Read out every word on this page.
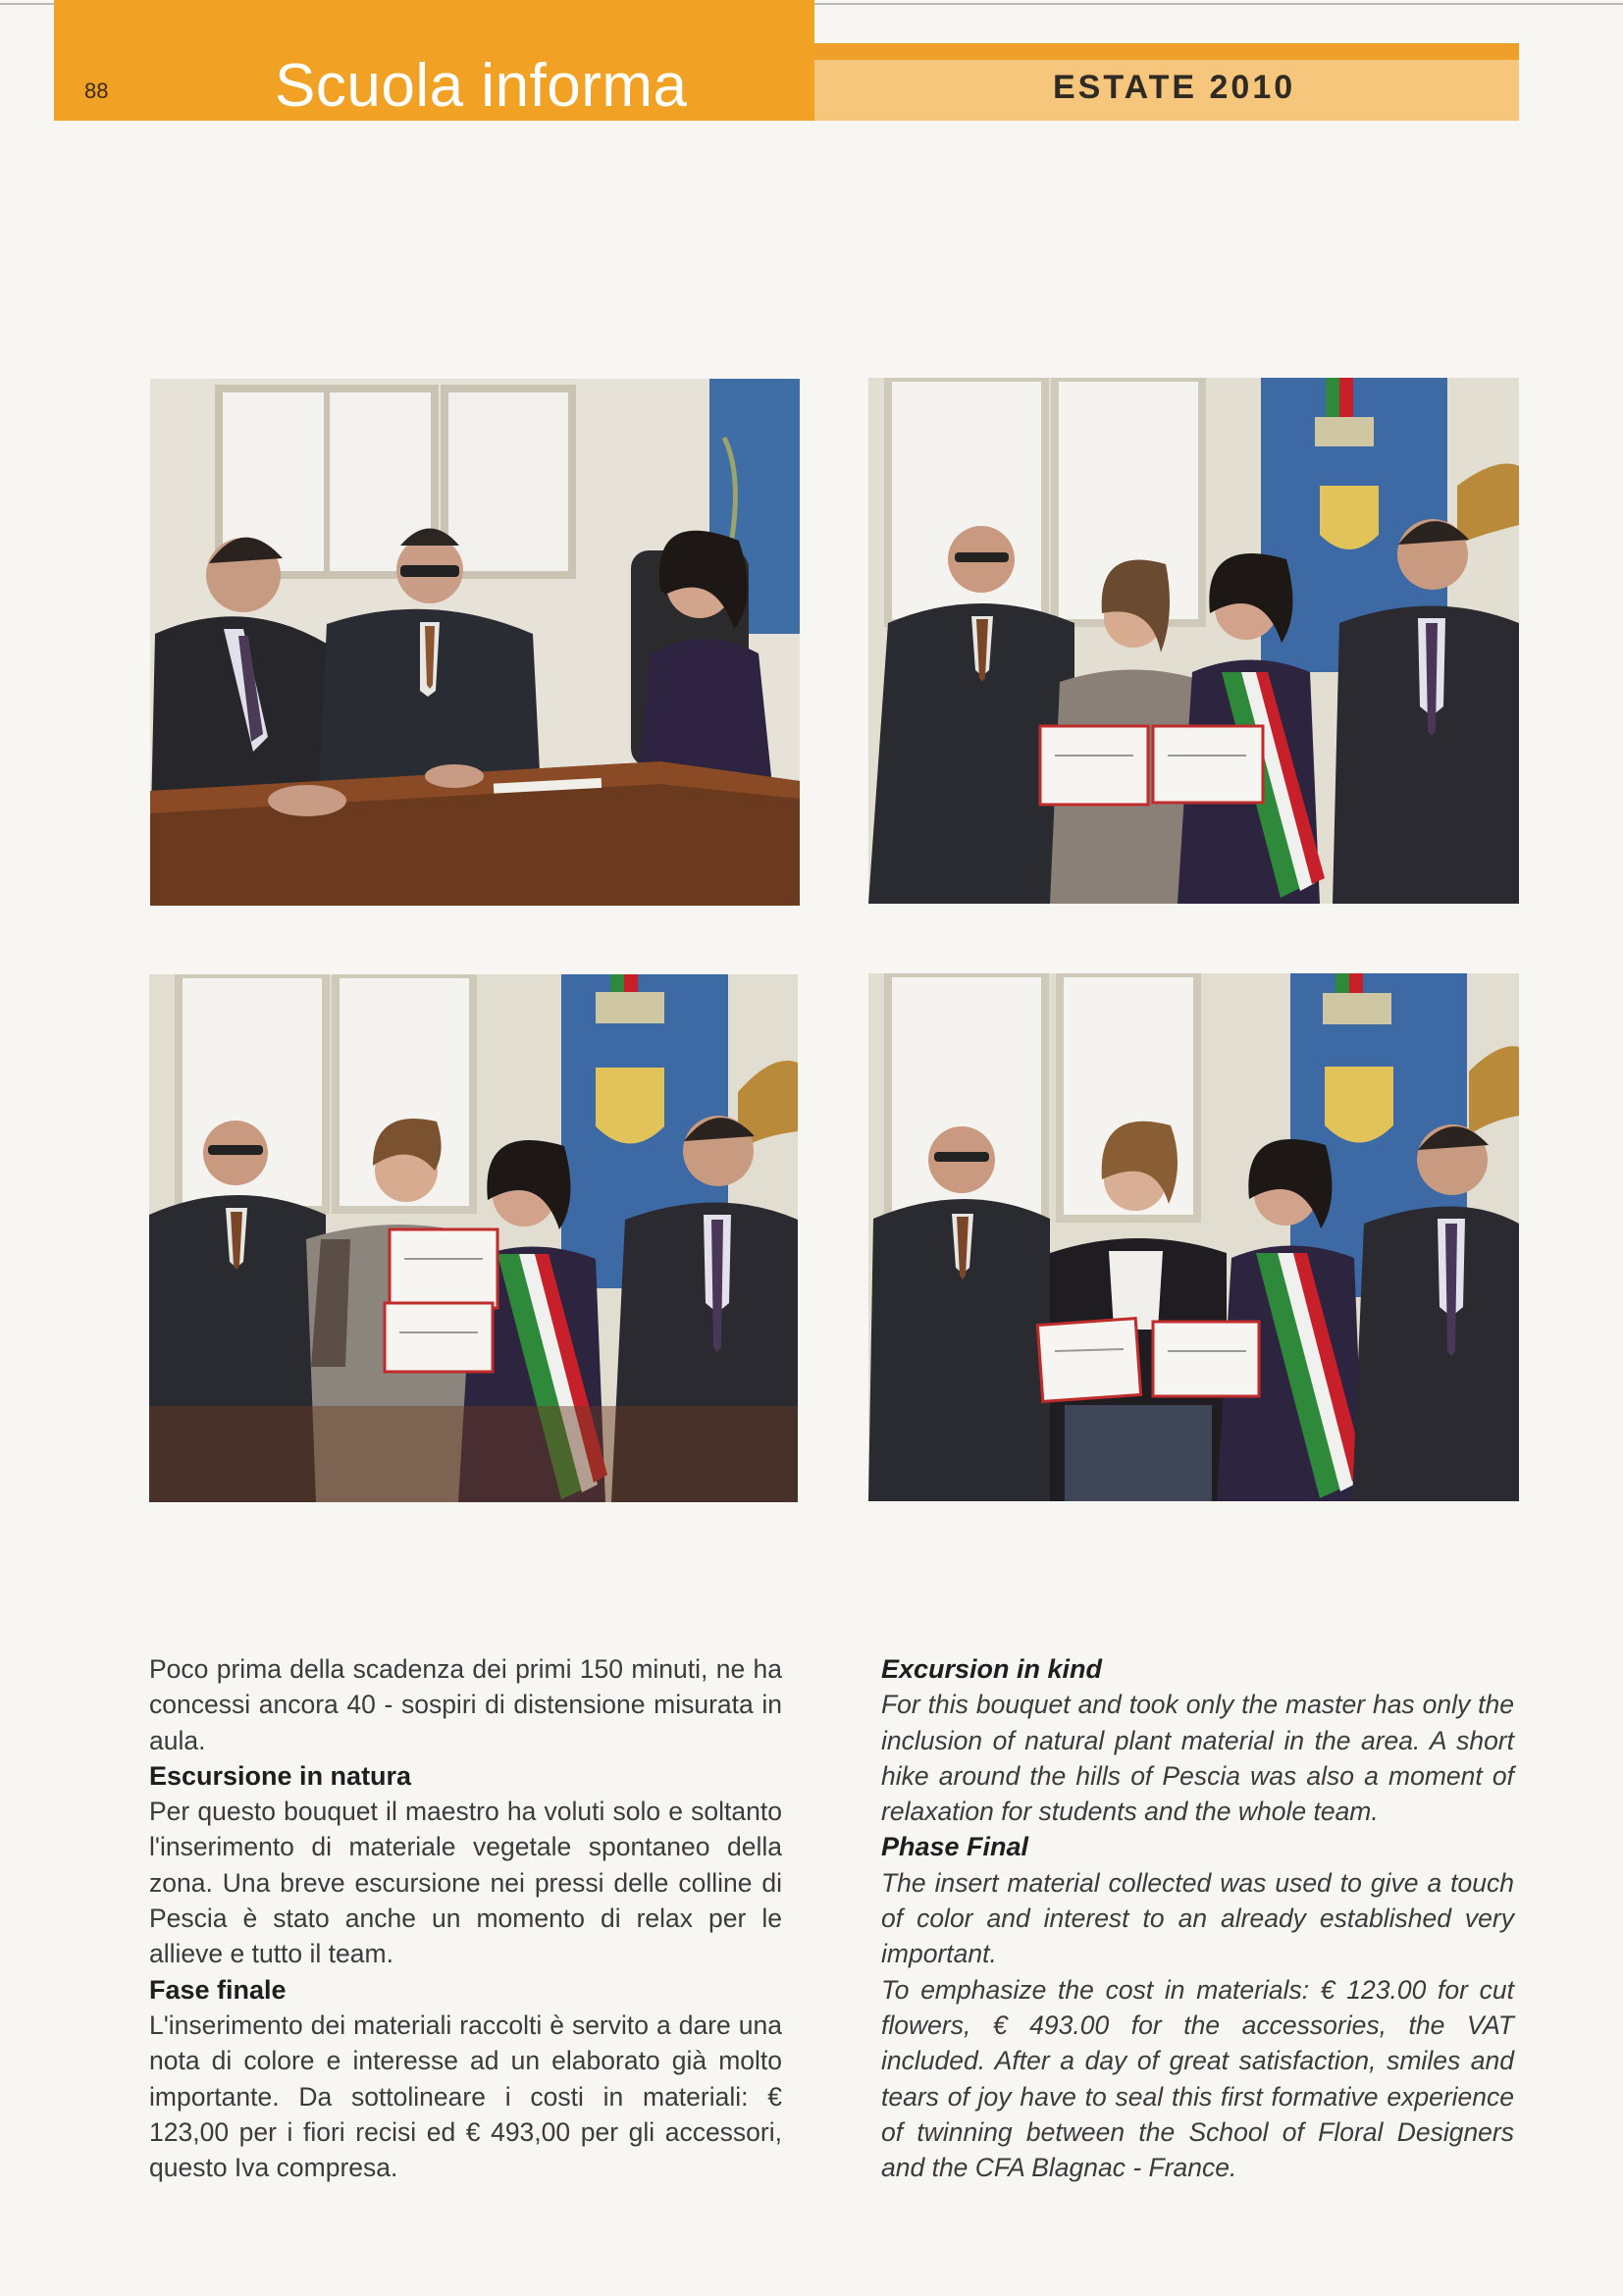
88	Scuola informa	ESTATE 2010

Poco prima della scadenza dei primi 150 minuti, ne ha concessi ancora 40 - sospiri di distensione misurata in aula.

Escursione in natura

Per questo bouquet il maestro ha voluti solo e soltanto l'inserimento di materiale vegetale spontaneo della zona. Una breve escursione nei pressi delle colline di Pescia è stato anche un momento di relax per le allieve e tutto il team.

Fase finale

L'inserimento dei materiali raccolti è servito a dare una nota di colore e interesse ad un elaborato già molto importante. Da sottolineare i costi in materiali: € 123,00 per i fiori recisi ed € 493,00 per gli accessori, questo Iva compresa.

Excursion in kind

For this bouquet and took only the master has only the inclusion of natural plant material in the area. A short hike around the hills of Pescia was also a moment of relaxation for students and the whole team.

Phase Final

The insert material collected was used to give a touch of color and interest to an already established very important.

To emphasize the cost in materials: € 123.00 for cut flowers, € 493.00 for the accessories, the VAT included. After a day of great satisfaction, smiles and tears of joy have to seal this first formative experience of twinning between the School of Floral Designers and the CFA Blagnac - France.
